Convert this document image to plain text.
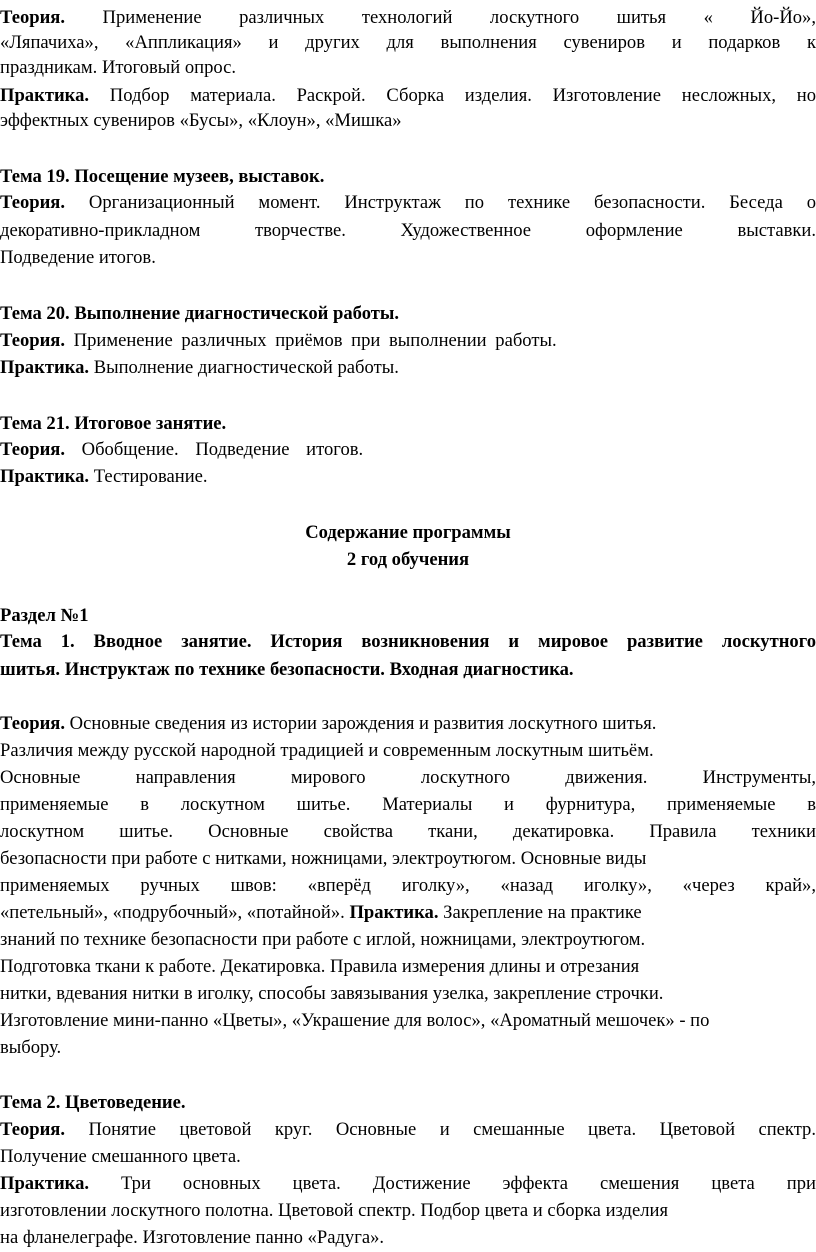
Теория. Применение различных технологий лоскутного шитья « Йо-Йо»,

«Ляпачиха», «Аппликация» и других для выполнения сувениров и подарков к

праздникам. Итоговый опрос.

Практика. Подбор материала. Раскрой. Сборка изделия. Изготовление несложных, но

эффектных сувениров «Бусы», «Клоун», «Мишка»

Тема 19. Посещение музеев, выставок.

Теория. Организационный момент. Инструктаж по технике безопасности. Беседа о

декоративно-прикладном творчестве. Художественное оформление выставки.

Подведение итогов.

Тема 20. Выполнение диагностической работы.

Теория. Применение различных приёмов при выполнении работы.

Практика. Выполнение диагностической работы.

Тема 21. Итоговое занятие.

Теория. Обобщение. Подведение итогов.

Практика. Тестирование.

Содержание программы

2 год обучения

Раздел №1

Тема 1. Вводное занятие. История возникновения и мировое развитие лоскутного

шитья. Инструктаж по технике безопасности. Входная диагностика.

Теория. Основные сведения из истории зарождения и развития лоскутного шитья.

Различия между русской народной традицией и современным лоскутным шитьём.

Основные направления мирового лоскутного движения. Инструменты,

применяемые в лоскутном шитье. Материалы и фурнитура, применяемые в

лоскутном шитье. Основные свойства ткани, декатировка. Правила техники

безопасности при работе с нитками, ножницами, электроутюгом. Основные виды

применяемых ручных швов: «вперёд иголку», «назад иголку», «через край»,

«петельный», «подрубочный», «потайной». Практика. Закрепление на практике

знаний по технике безопасности при работе с иглой, ножницами, электроутюгом.

Подготовка ткани к работе. Декатировка. Правила измерения длины и отрезания

нитки, вдевания нитки в иголку, способы завязывания узелка, закрепление строчки.

Изготовление мини-панно «Цветы», «Украшение для волос», «Ароматный мешочек» - по

выбору.

Тема 2. Цветоведение.

Теория. Понятие цветовой круг. Основные и смешанные цвета. Цветовой спектр.

Получение смешанного цвета.

Практика. Три основных цвета. Достижение эффекта смешения цвета при

изготовлении лоскутного полотна. Цветовой спектр. Подбор цвета и сборка изделия

на фланелеграфе. Изготовление панно «Радуга».
